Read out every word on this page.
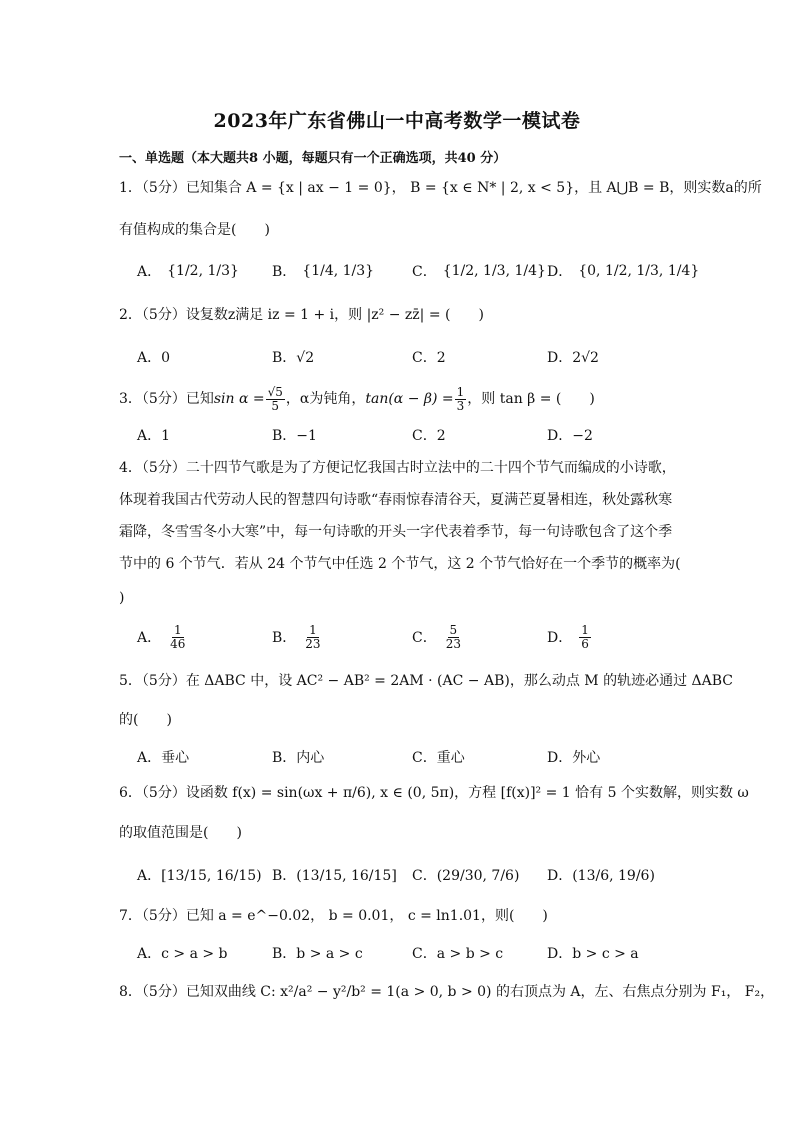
2023年广东省佛山一中高考数学一模试卷
一、单选题（本大题共8 小题，每题只有一个正确选项，共40 分）
1．（5分）已知集合 A = {x | ax − 1 = 0}， B = {x ∈ N* | 2, x < 5}，且 A⋃B = B，则实数a的所
有值构成的集合是(　　)
A． {1/2, 1/3} B． {1/4, 1/3}	C． {1/2, 1/3, 1/4} D． {0, 1/2, 1/3, 1/4}
2．（5分）设复数z满足 iz = 1 + i，则 |z² − zz̄| = (　　)
A．0	B．√2	C．2	D．2√2
3．（5分）已知 $\sin \alpha = \frac{√5}{5}$ ，α为钝角， $\tan(\alpha - \beta) = \frac{1}{3}$ ，则 tan β = (　　)
A．1	B．−1	C．2	D．−2
4．（5分）二十四节气歌是为了方便记忆我国古时立法中的二十四个节气而编成的小诗歌，
体现着我国古代劳动人民的智慧四句诗歌“春雨惊春清谷天，夏满芒夏暑相连，秋处露秋寒
霜降，冬雪雪冬小大寒”中，每一句诗歌的开头一字代表着季节，每一句诗歌包含了这个季
节中的 6 个节气．若从 24 个节气中任选 2 个节气，这 2 个节气恰好在一个季节的概率为(
)
A． $\frac{1}{46}$	B． $\frac{1}{23}$	C． $\frac{5}{23}$	D． $\frac{1}{6}$
5．（5分）在 ΔABC 中，设 AC² − AB² = 2AM · (AC − AB)，那么动点 M 的轨迹必通过 ΔABC
的(　　)
A．垂心	B．内心	C．重心	D．外心
6．（5分）设函数 f(x) = sin(ωx + π/6), x ∈ (0, 5π)，方程 [f(x)]² = 1 恰有 5 个实数解，则实数 ω
的取值范围是(　　)
A．[13/15, 16/15) B．(13/15, 16/15] C．(29/30, 7/6) D．(13/6, 19/6)
7．（5分）已知 a = e^−0.02， b = 0.01， c = ln1.01，则(　　)
A．c > a > b	B．b > a > c	C．a > b > c	D．b > c > a
8．（5分）已知双曲线 C: x²/a² − y²/b² = 1(a > 0, b > 0) 的右顶点为 A，左、右焦点分别为 F₁， F₂，
